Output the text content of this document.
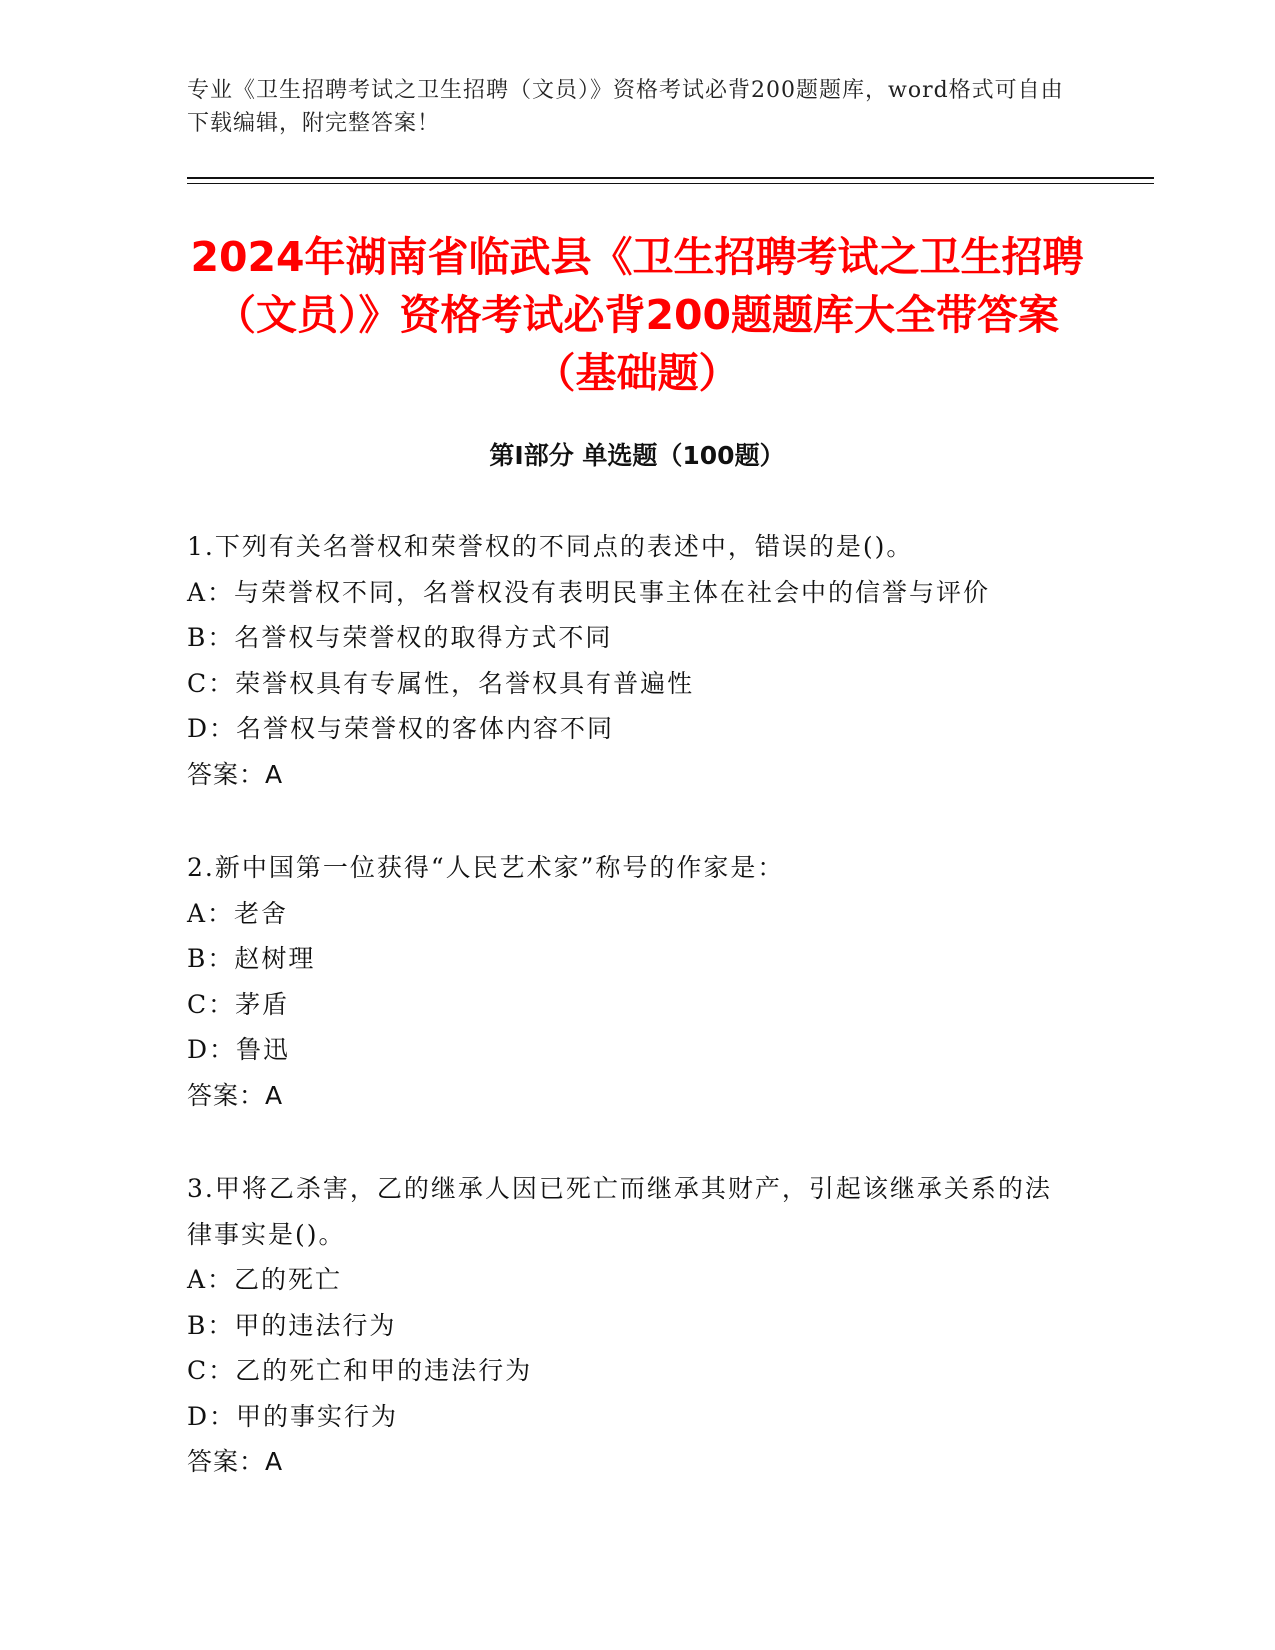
专业《卫生招聘考试之卫生招聘（文员）》资格考试必背200题题库，word格式可自由下载编辑，附完整答案！
2024年湖南省临武县《卫生招聘考试之卫生招聘（文员）》资格考试必背200题题库大全带答案（基础题）
第Ⅰ部分 单选题（100题）
1.下列有关名誉权和荣誉权的不同点的表述中，错误的是()。
A：与荣誉权不同，名誉权没有表明民事主体在社会中的信誉与评价
B：名誉权与荣誉权的取得方式不同
C：荣誉权具有专属性，名誉权具有普遍性
D：名誉权与荣誉权的客体内容不同
答案：A
2.新中国第一位获得“人民艺术家”称号的作家是：
A：老舍
B：赵树理
C：茅盾
D：鲁迅
答案：A
3.甲将乙杀害，乙的继承人因已死亡而继承其财产，引起该继承关系的法律事实是()。
A：乙的死亡
B：甲的违法行为
C：乙的死亡和甲的违法行为
D：甲的事实行为
答案：A
